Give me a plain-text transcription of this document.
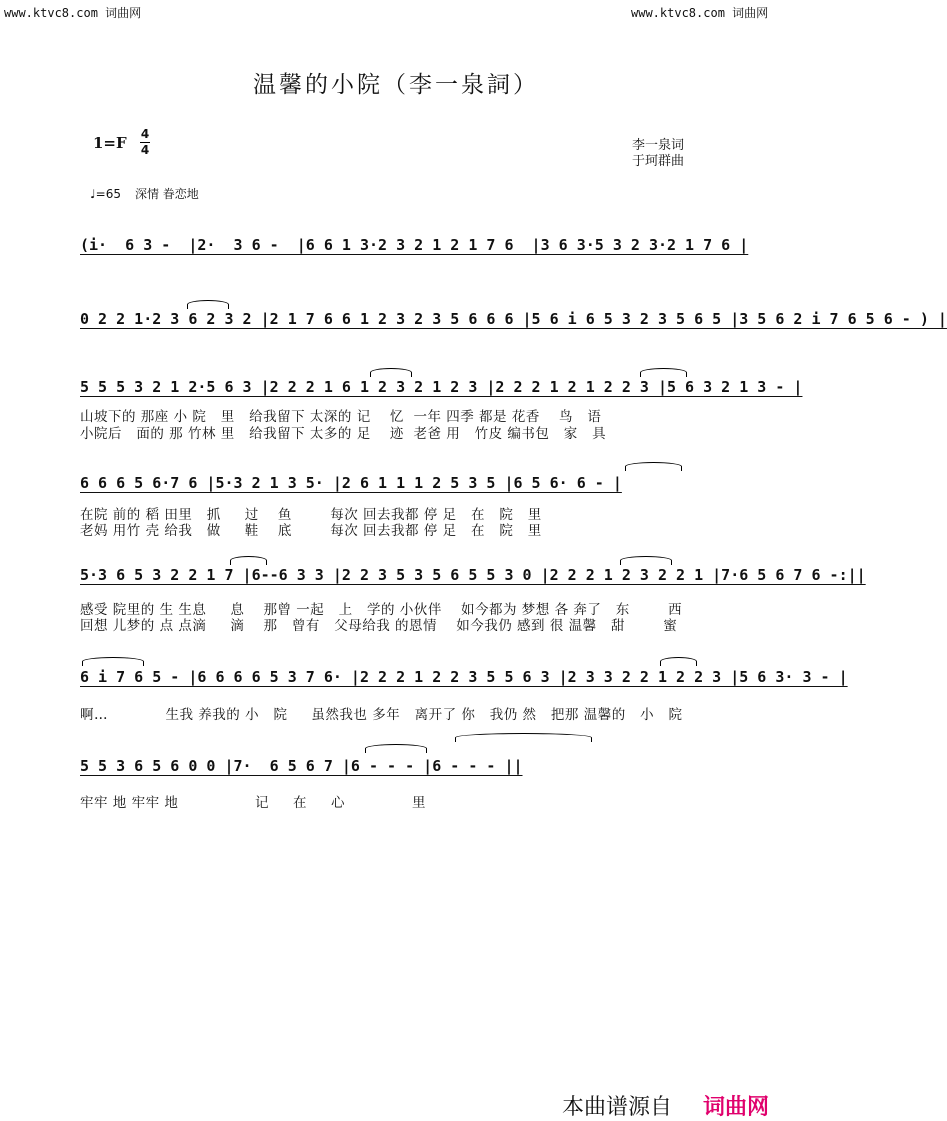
www.ktvc8.com 词曲网	www.ktvc8.com 词曲网
温馨的小院（李一泉詞）
1=F 4
4	李一泉词
于珂群曲
♩=65 深情 眷恋地
(i·  6 3 -  |2·  3 6 -  |6 6 1 3·2 3 2 1 2 1 7 6  |3 6 3·5 3 2 3·2 1 7 6 |
0 2 2 1·2 3 6 2 3 2 |2 1 7 6 6 1 2 3 2 3 5 6 6 6 |5 6 i 6 5 3 2 3 5 6 5 |3 5 6 2 i 7 6 5 6 - ) |
5 5 5 3 2 1 2·5 6 3 |2 2 2 1 6 1 2 3 2 1 2 3 |2 2 2 1 2 1 2 2 3 |5 6 3 2 1 3 - |
山坡下的 那座 小 院   里   给我留下 太深的 记    忆  一年 四季 都是 花香    鸟   语
小院后   面的 那 竹林 里   给我留下 太多的 足    迹  老爸 用   竹皮 编书包   家   具
6 6 6 5 6·7 6 |5·3 2 1 3 5· |2 6 1 1 1 2 5 3 5 |6 5 6· 6 - |
在院 前的 稻 田里   抓     过    鱼        每次 回去我都 停 足   在   院   里
老妈 用竹 壳 给我   做     鞋    底        每次 回去我都 停 足   在   院   里
5·3 6 5 3 2 2 1 7 |6--6 3 3 |2 2 3 5 3 5 6 5 5 3 0 |2 2 2 1 2 3 2 2 1 |7·6 5 6 7 6 -:||
感受 院里的 生 生息     息    那曾 一起   上   学的 小伙伴    如今都为 梦想 各 奔了   东        西
回想 儿梦的 点 点滴     滴    那   曾有   父母给我 的恩情    如今我仍 感到 很 温馨   甜        蜜
6 i 7 6 5 - |6 6 6 6 5 3 7 6· |2 2 2 1 2 2 3 5 5 6 3 |2 3 3 2 2 1 2 2 3 |5 6 3· 3 - |
啊…            生我 养我的 小   院     虽然我也 多年   离开了 你   我仍 然   把那 温馨的   小   院
5 5 3 6 5 6 0 0 |7·  6 5 6 7 |6 - - - |6 - - - ||
牢牢 地 牢牢 地                记     在     心              里
本曲谱源自 词曲网
